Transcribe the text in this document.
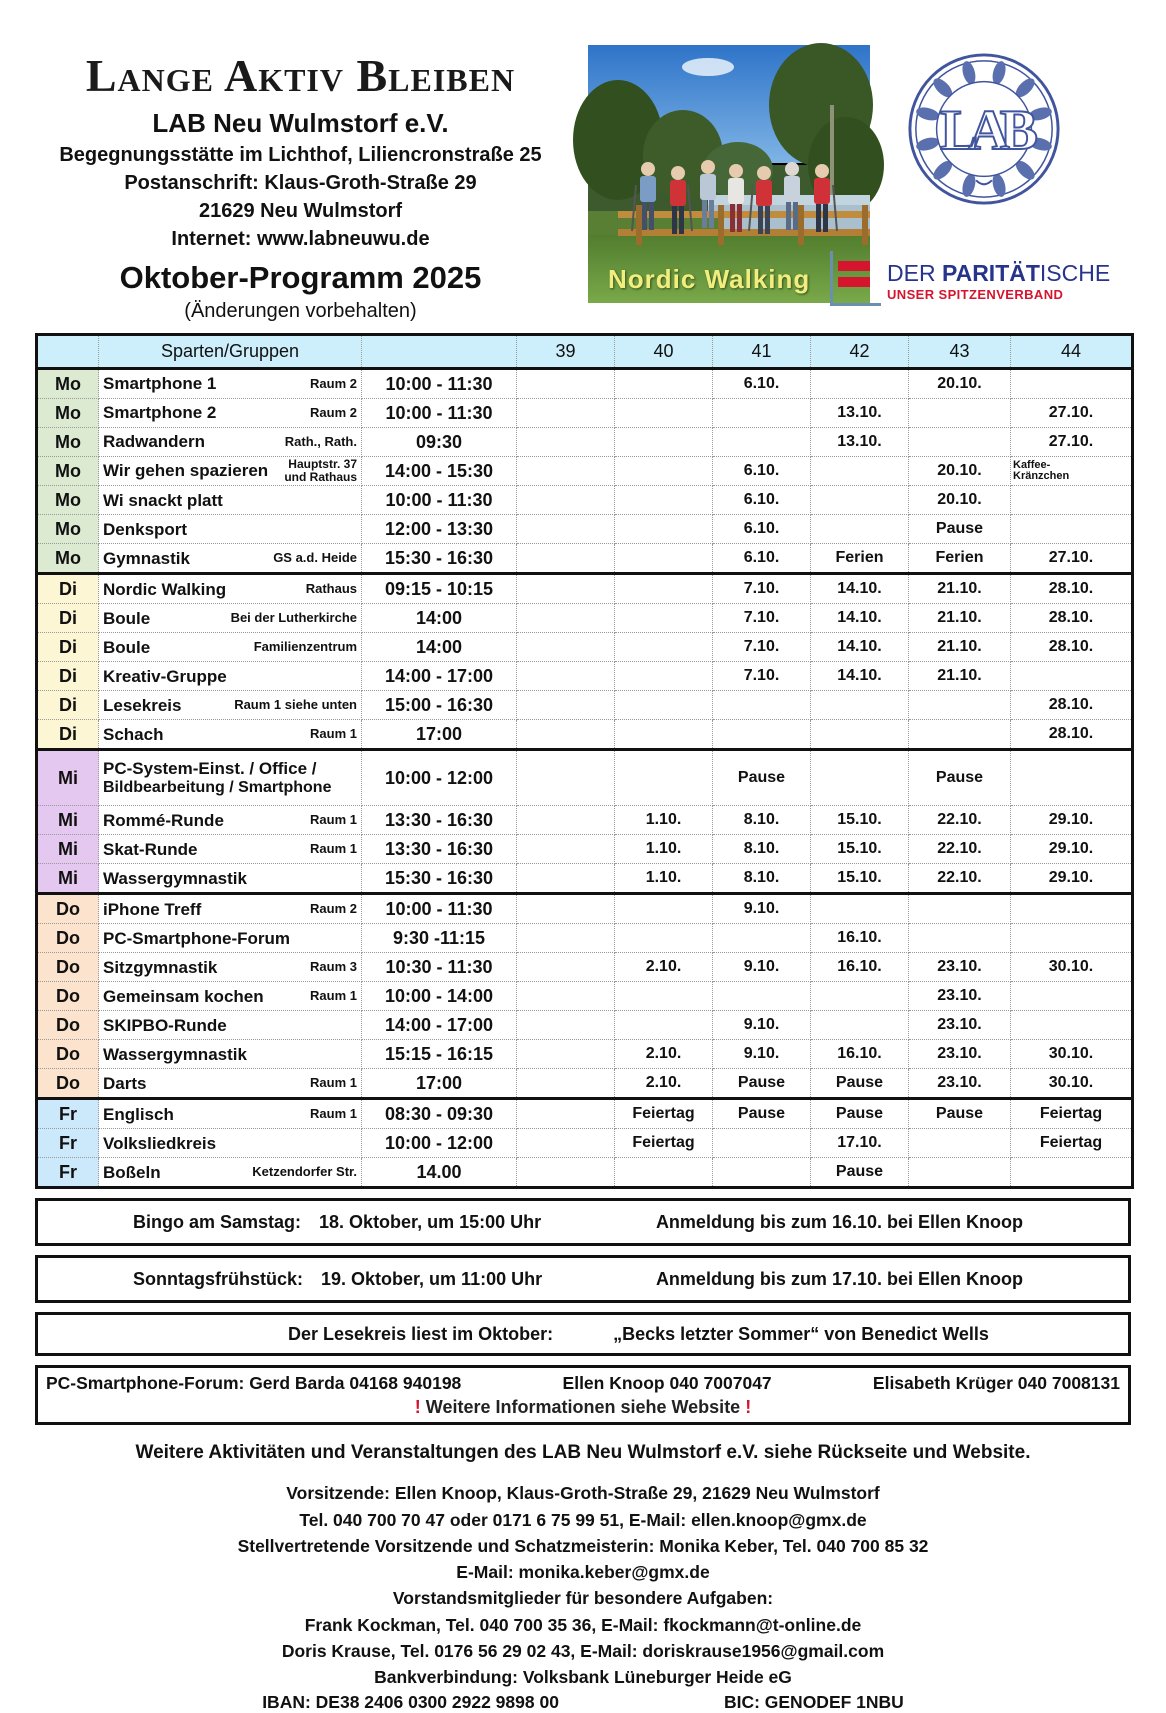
Lange Aktiv Bleiben
LAB Neu Wulmstorf e.V.
Begegnungsstätte im Lichthof, Liliencronstraße 25
Postanschrift: Klaus-Groth-Straße 29
21629 Neu Wulmstorf
Internet: www.labneuwu.de
Oktober-Programm 2025
(Änderungen vorbehalten)
Nordic Walking
LAB
DER PARITÄTISCHE
UNSER SPITZENVERBAND
	Sparten/Gruppen		39	40	41	42	43	44
Mo	Smartphone 1 Raum 2	10:00 - 11:30			6.10.		20.10.	
Mo	Smartphone 2 Raum 2	10:00 - 11:30				13.10.		27.10.
Mo	Radwandern Rath., Rath.	09:30				13.10.		27.10.
Mo	Wir gehen spazieren	Hauptstr. 37
und Rathaus	14:00 - 15:30			6.10.		20.10.	Kaffee-
Kränzchen

Mo	Wi snackt platt	10:00 - 11:30			6.10.		20.10.	
Mo	Denksport	12:00 - 13:30			6.10.		Pause	
Mo	Gymnastik GS a.d. Heide	15:30 - 16:30			6.10.	Ferien	Ferien	27.10.
Di	Nordic Walking Rathaus	09:15 - 10:15			7.10.	14.10.	21.10.	28.10.
Di	Boule Bei der Lutherkirche	14:00			7.10.	14.10.	21.10.	28.10.
Di	Boule Familienzentrum	14:00			7.10.	14.10.	21.10.	28.10.
Di	Kreativ-Gruppe	14:00 - 17:00			7.10.	14.10.	21.10.	
Di	Lesekreis Raum 1 siehe unten	15:00 - 16:30						28.10.
Di	Schach Raum 1	17:00						28.10.
Mi	PC-System-Einst. / Office /
Bildbearbeitung / Smartphone	10:00 - 12:00			Pause		Pause	
Mi	Rommé-Runde Raum 1	13:30 - 16:30		1.10.	8.10.	15.10.	22.10.	29.10.
Mi	Skat-Runde Raum 1	13:30 - 16:30		1.10.	8.10.	15.10.	22.10.	29.10.
Mi	Wassergymnastik	15:30 - 16:30		1.10.	8.10.	15.10.	22.10.	29.10.
Do	iPhone Treff Raum 2	10:00 - 11:30			9.10.			
Do	PC-Smartphone-Forum	9:30 -11:15				16.10.		
Do	Sitzgymnastik Raum 3	10:30 - 11:30		2.10.	9.10.	16.10.	23.10.	30.10.
Do	Gemeinsam kochen Raum 1	10:00 - 14:00					23.10.	
Do	SKIPBO-Runde	14:00 - 17:00			9.10.		23.10.	
Do	Wassergymnastik	15:15 - 16:15		2.10.	9.10.	16.10.	23.10.	30.10.
Do	Darts Raum 1	17:00		2.10.	Pause	Pause	23.10.	30.10.
Fr	Englisch Raum 1	08:30 - 09:30		Feiertag	Pause	Pause	Pause	Feiertag
Fr	Volksliedkreis	10:00 - 12:00		Feiertag		17.10.		Feiertag
Fr	Boßeln Ketzendorfer Str.	14.00				Pause		
Bingo am Samstag: 18. Oktober, um 15:00 Uhr	Anmeldung bis zum 16.10. bei Ellen Knoop
Sonntagsfrühstück: 19. Oktober, um 11:00 Uhr	Anmeldung bis zum 17.10. bei Ellen Knoop
Der Lesekreis liest im Oktober:	„Becks letzter Sommer“ von Benedict Wells
PC-Smartphone-Forum: Gerd Barda 04168 940198	Ellen Knoop 040 7007047	Elisabeth Krüger 040 7008131
! Weitere Informationen siehe Website !
Weitere Aktivitäten und Veranstaltungen des LAB Neu Wulmstorf e.V. siehe Rückseite und Website.
Vorsitzende: Ellen Knoop, Klaus-Groth-Straße 29, 21629 Neu Wulmstorf
Tel. 040 700 70 47 oder 0171 6 75 99 51, E-Mail: ellen.knoop@gmx.de
Stellvertretende Vorsitzende und Schatzmeisterin: Monika Keber, Tel. 040 700 85 32
E-Mail: monika.keber@gmx.de
Vorstandsmitglieder für besondere Aufgaben:
Frank Kockman, Tel. 040 700 35 36, E-Mail: fkockmann@t-online.de
Doris Krause, Tel. 0176 56 29 02 43, E-Mail: doriskrause1956@gmail.com
Bankverbindung: Volksbank Lüneburger Heide eG
IBAN: DE38 2406 0300 2922 9898 00	BIC: GENODEF 1NBU
